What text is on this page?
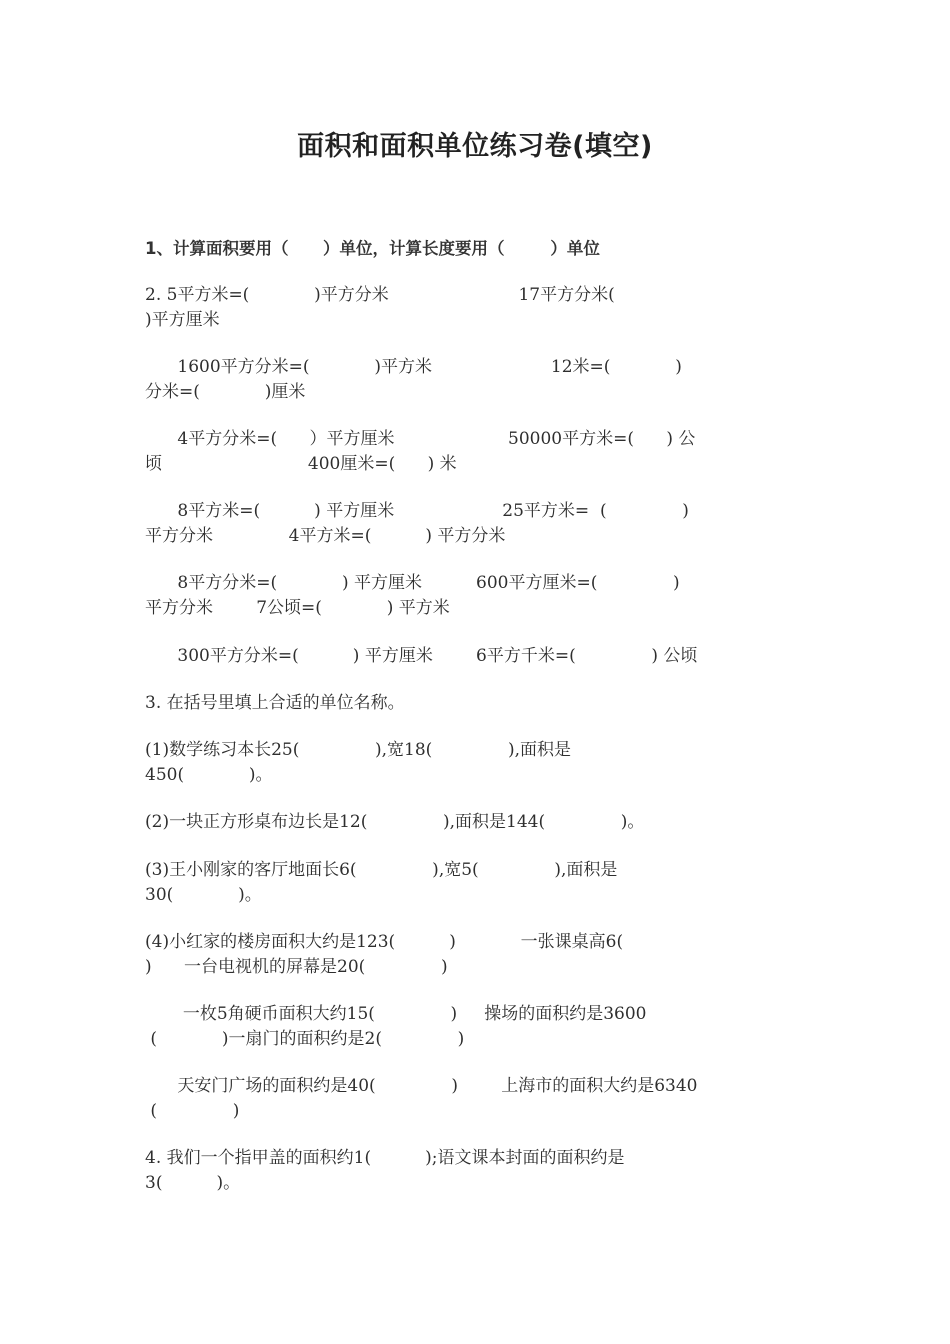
面积和面积单位练习卷(填空)
1、计算面积要用（      ）单位，计算长度要用（        ）单位
2. 5平方米=(            )平方分米                        17平方分米(
)平方厘米
1600平方分米=(            )平方米                      12米=(            )
分米=(            )厘米
4平方分米=(      ）平方厘米                     50000平方米=(      ) 公
顷                           400厘米=(      ) 米
8平方米=(          ) 平方厘米                    25平方米=  (              )
平方分米              4平方米=(          ) 平方分米
8平方分米=(            ) 平方厘米          600平方厘米=(              )
平方分米        7公顷=(            ) 平方米
300平方分米=(          ) 平方厘米        6平方千米=(              ) 公顷
3. 在括号里填上合适的单位名称。
(1)数学练习本长25(              ),宽18(              ),面积是
450(            )。
(2)一块正方形桌布边长是12(              ),面积是144(              )。
(3)王小刚家的客厅地面长6(              ),宽5(              ),面积是
30(            )。
(4)小红家的楼房面积大约是123(          )            一张课桌高6(
)      一台电视机的屏幕是20(              )
一枚5角硬币面积大约15(              )     操场的面积约是3600
(            )一扇门的面积约是2(              )
天安门广场的面积约是40(              )        上海市的面积大约是6340
(              )
4. 我们一个指甲盖的面积约1(          );语文课本封面的面积约是
3(          )。
